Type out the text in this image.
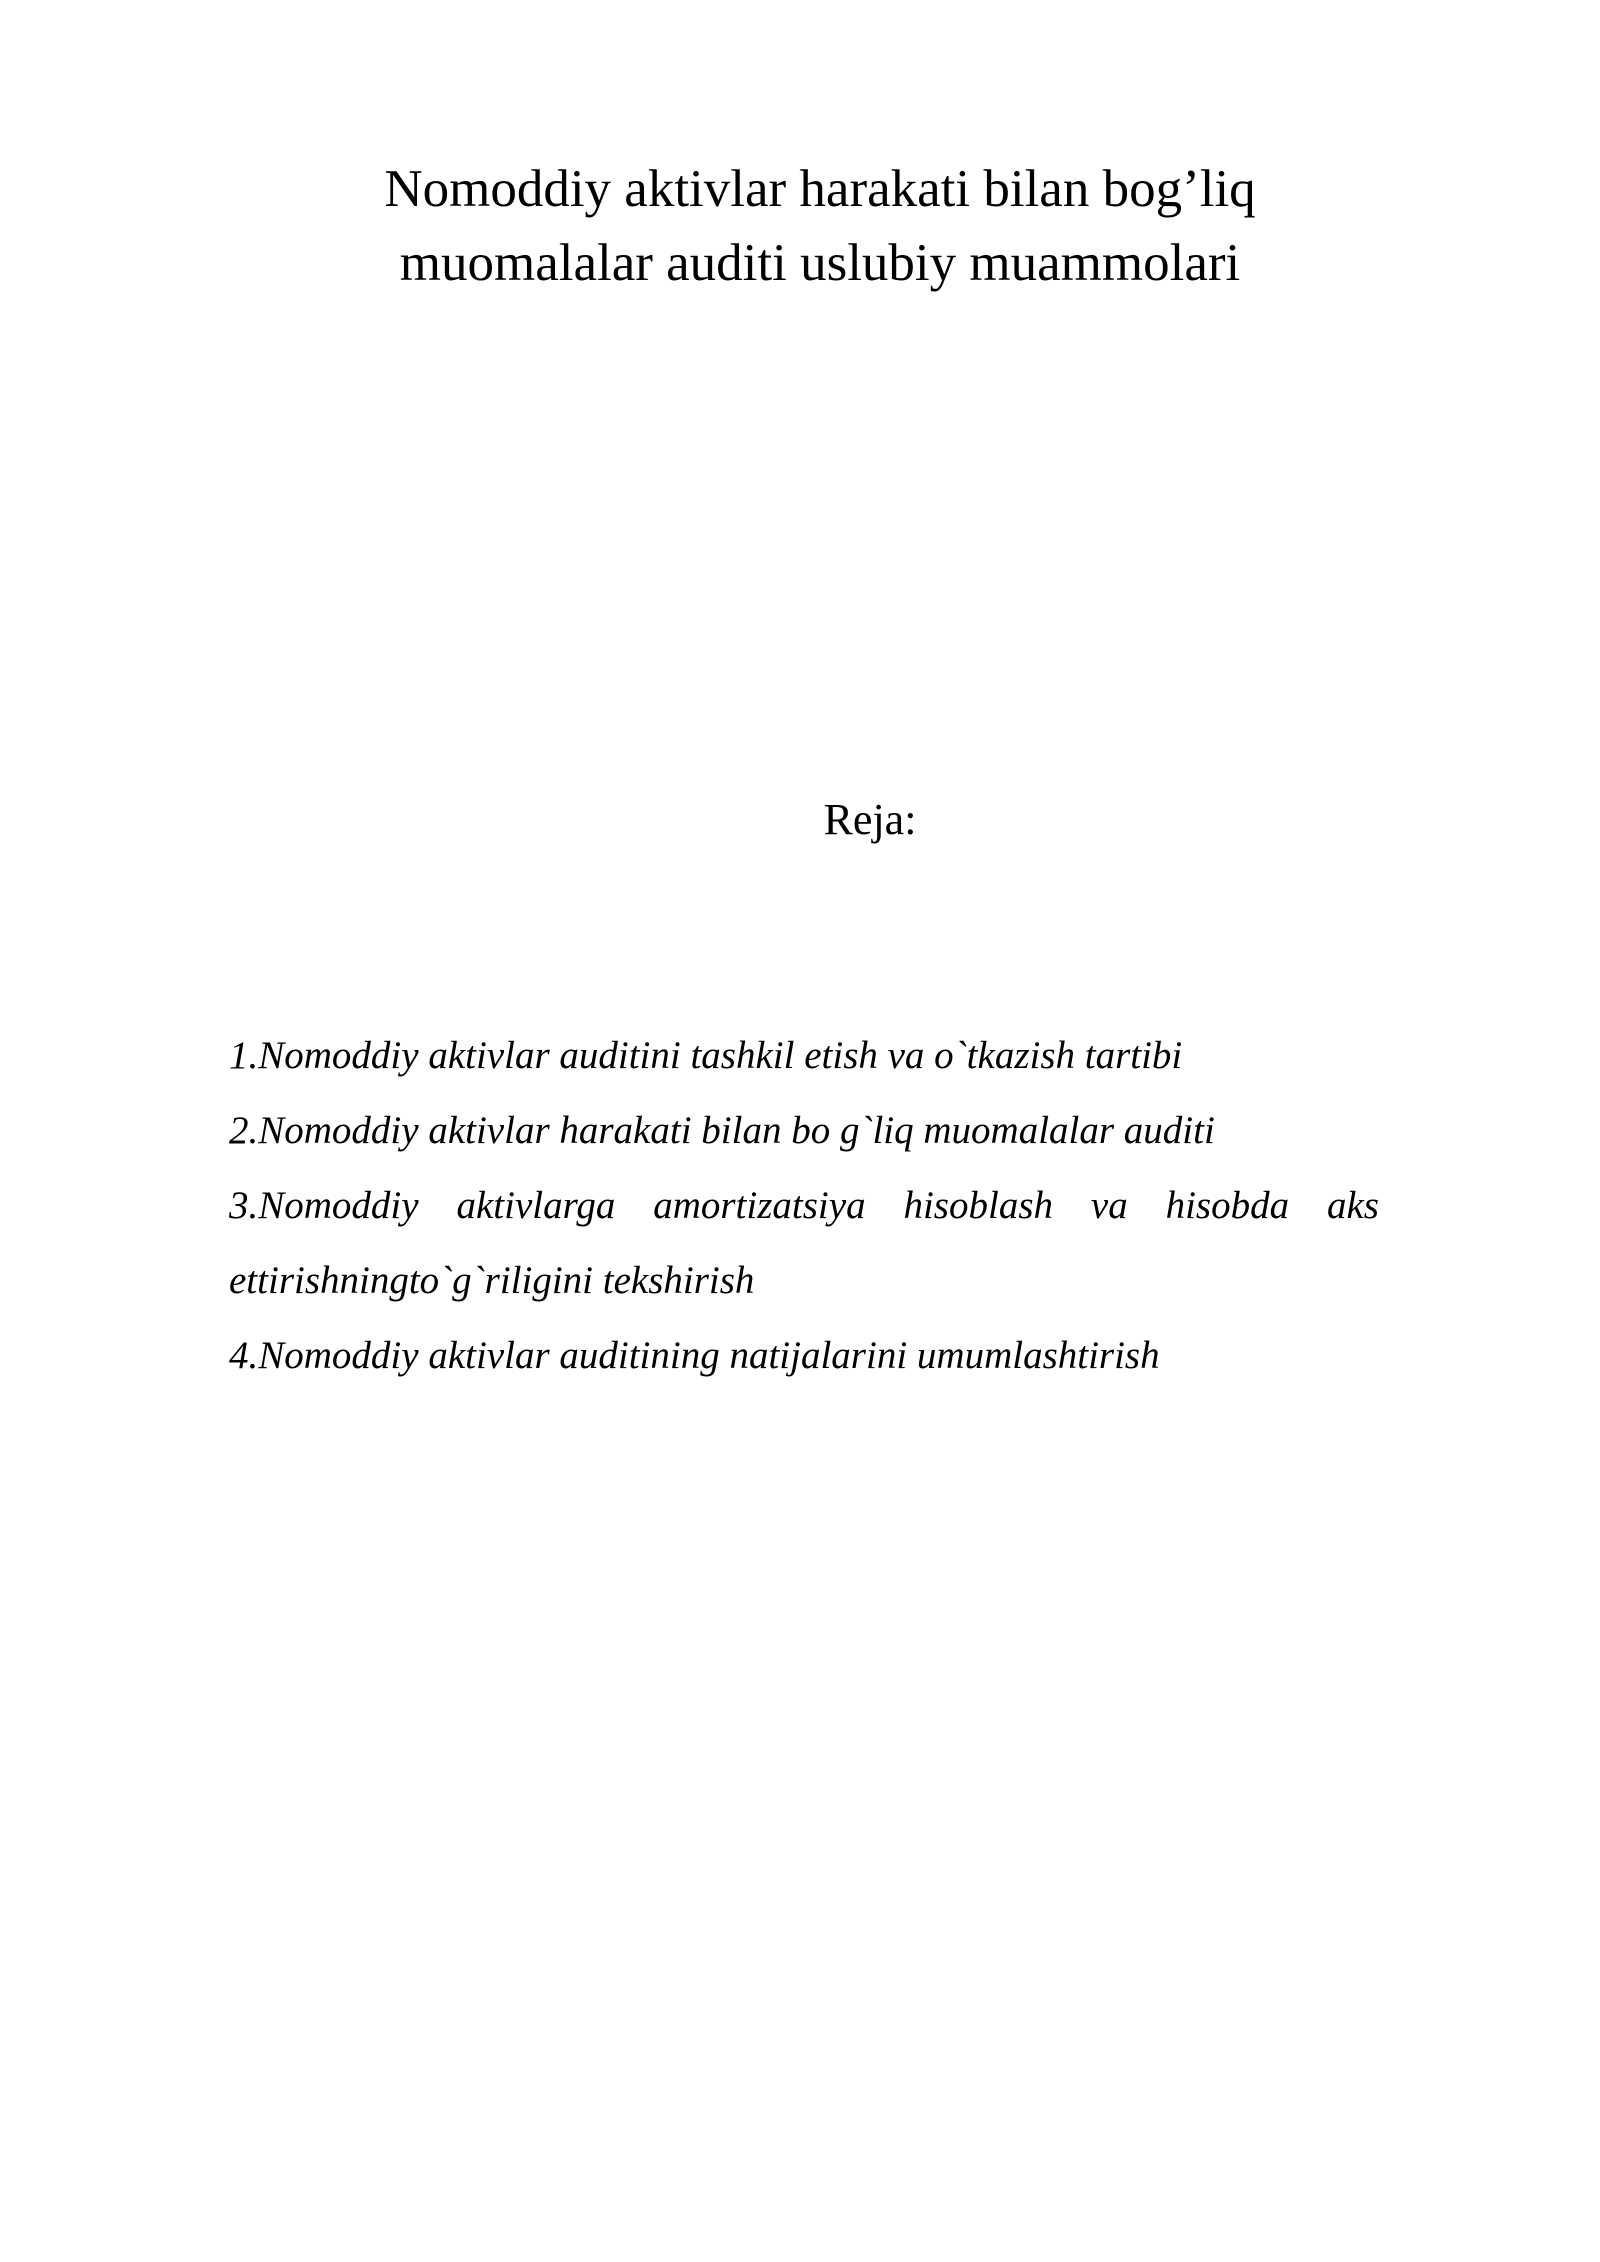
Nomoddiy aktivlar harakati bilan bog’liq
muomalalar auditi uslubiy muammolari
Reja:
1.Nomoddiy aktivlar auditini tashkil etish va o`tkazish tartibi
2.Nomoddiy aktivlar harakati bilan bo g`liq muomalalar auditi
3.Nomoddiy aktivlarga amortizatsiya hisoblash va hisobda aks
ettirishningto`g`riligini tekshirish
4.Nomoddiy aktivlar auditining natijalarini umumlashtirish
